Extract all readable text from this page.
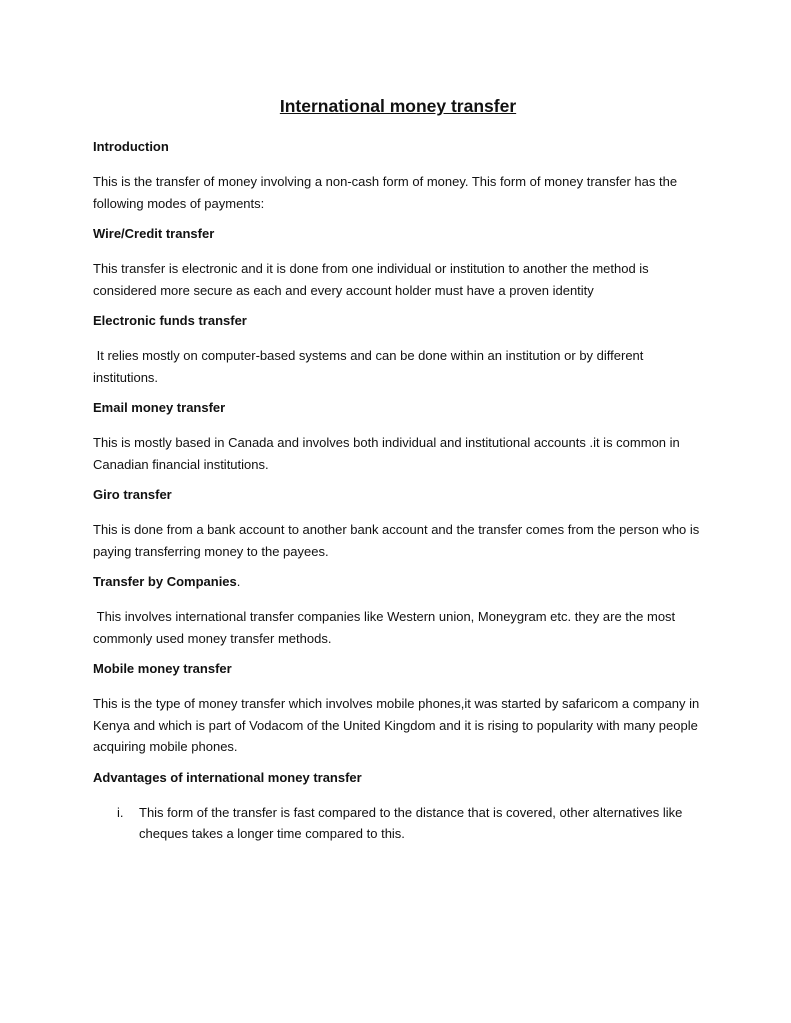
International money transfer
Introduction
This is the transfer of money involving a non-cash form of money. This form of money transfer has the following modes of payments:
Wire/Credit transfer
This transfer is electronic and it is done from one individual or institution to another the method is considered more secure as each and every account holder must have a proven identity
Electronic funds transfer
It relies mostly on computer-based systems and can be done within an institution or by different institutions.
Email money transfer
This is mostly based in Canada and involves both individual and institutional accounts .it is common in Canadian financial institutions.
Giro transfer
This is done from a bank account to another bank account and the transfer comes from the person who is paying transferring money to the payees.
Transfer by Companies.
This involves international transfer companies like Western union, Moneygram etc. they are the most commonly used money transfer methods.
Mobile money transfer
This is the type of money transfer which involves mobile phones,it was started by safaricom a company in Kenya and which is part of Vodacom of the United Kingdom and it is rising to popularity with many people acquiring mobile phones.
Advantages of international money transfer
i. This form of the transfer is fast compared to the distance that is covered, other alternatives like cheques takes a longer time compared to this.
